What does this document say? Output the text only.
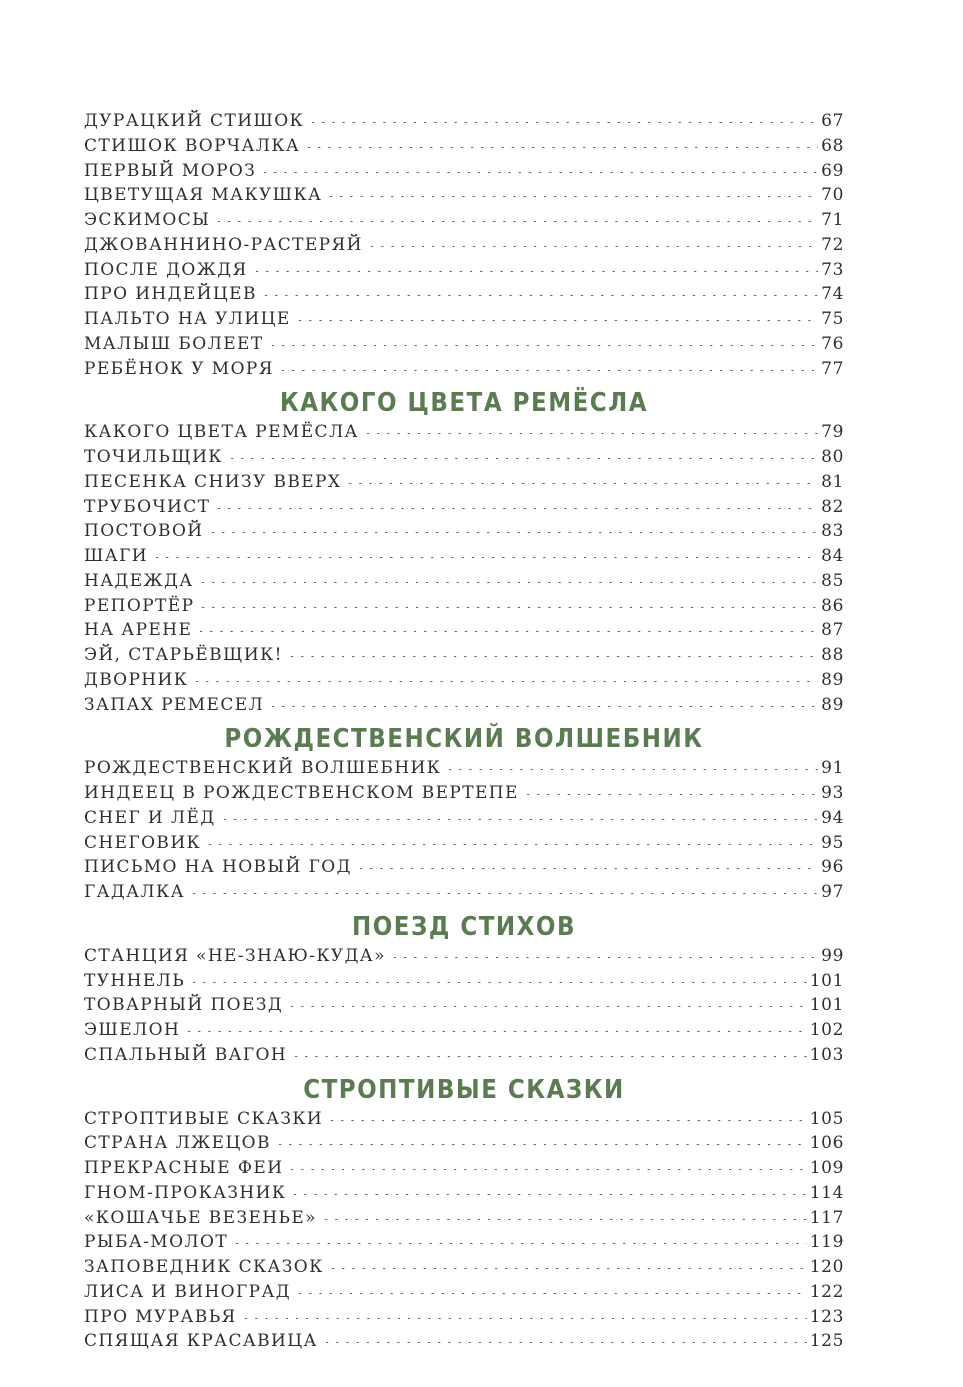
ДУРАЦКИЙ СТИШОК	67
СТИШОК ВОРЧАЛКА	68
ПЕРВЫЙ МОРОЗ	69
ЦВЕТУЩАЯ МАКУШКА	70
ЭСКИМОСЫ	71
ДЖОВАННИНО-РАСТЕРЯЙ	72
ПОСЛЕ ДОЖДЯ	73
ПРО ИНДЕЙЦЕВ	74
ПАЛЬТО НА УЛИЦЕ	75
МАЛЫШ БОЛЕЕТ	76
РЕБЁНОК У МОРЯ	77
КАКОГО ЦВЕТА РЕМЁСЛА
КАКОГО ЦВЕТА РЕМЁСЛА	79
ТОЧИЛЬЩИК	80
ПЕСЕНКА СНИЗУ ВВЕРХ	81
ТРУБОЧИСТ	82
ПОСТОВОЙ	83
ШАГИ	84
НАДЕЖДА	85
РЕПОРТЁР	86
НА АРЕНЕ	87
ЭЙ, СТАРЬЁВЩИК!	88
ДВОРНИК	89
ЗАПАХ РЕМЕСЕЛ	89
РОЖДЕСТВЕНСКИЙ ВОЛШЕБНИК
РОЖДЕСТВЕНСКИЙ ВОЛШЕБНИК	91
ИНДЕЕЦ В РОЖДЕСТВЕНСКОМ ВЕРТЕПЕ	93
СНЕГ И ЛЁД	94
СНЕГОВИК	95
ПИСЬМО НА НОВЫЙ ГОД	96
ГАДАЛКА	97
ПОЕЗД СТИХОВ
СТАНЦИЯ «НЕ-ЗНАЮ-КУДА»	99
ТУННЕЛЬ	101
ТОВАРНЫЙ ПОЕЗД	101
ЭШЕЛОН	102
СПАЛЬНЫЙ ВАГОН	103
СТРОПТИВЫЕ СКАЗКИ
СТРОПТИВЫЕ СКАЗКИ	105
СТРАНА ЛЖЕЦОВ	106
ПРЕКРАСНЫЕ ФЕИ	109
ГНОМ-ПРОКАЗНИК	114
«КОШАЧЬЕ ВЕЗЕНЬЕ»	117
РЫБА-МОЛОТ	119
ЗАПОВЕДНИК СКАЗОК	120
ЛИСА И ВИНОГРАД	122
ПРО МУРАВЬЯ	123
СПЯЩАЯ КРАСАВИЦА	125
